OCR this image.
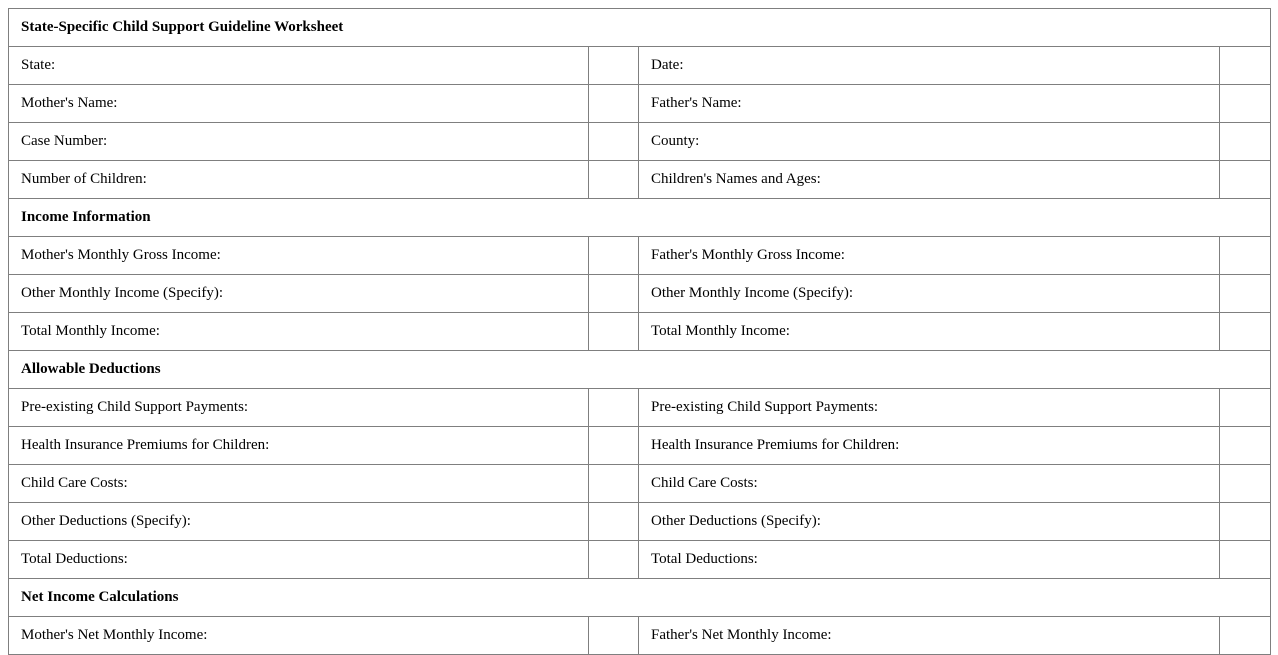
State-Specific Child Support Guideline Worksheet			
State:		Date:	
Mother's Name:		Father's Name:	
Case Number:		County:	
Number of Children:		Children's Names and Ages:	
Income Information			
Mother's Monthly Gross Income:		Father's Monthly Gross Income:	
Other Monthly Income (Specify):		Other Monthly Income (Specify):	
Total Monthly Income:		Total Monthly Income:	
Allowable Deductions			
Pre-existing Child Support Payments:		Pre-existing Child Support Payments:	
Health Insurance Premiums for Children:		Health Insurance Premiums for Children:	
Child Care Costs:		Child Care Costs:	
Other Deductions (Specify):		Other Deductions (Specify):	
Total Deductions:		Total Deductions:	
Net Income Calculations			
Mother's Net Monthly Income:		Father's Net Monthly Income:	
